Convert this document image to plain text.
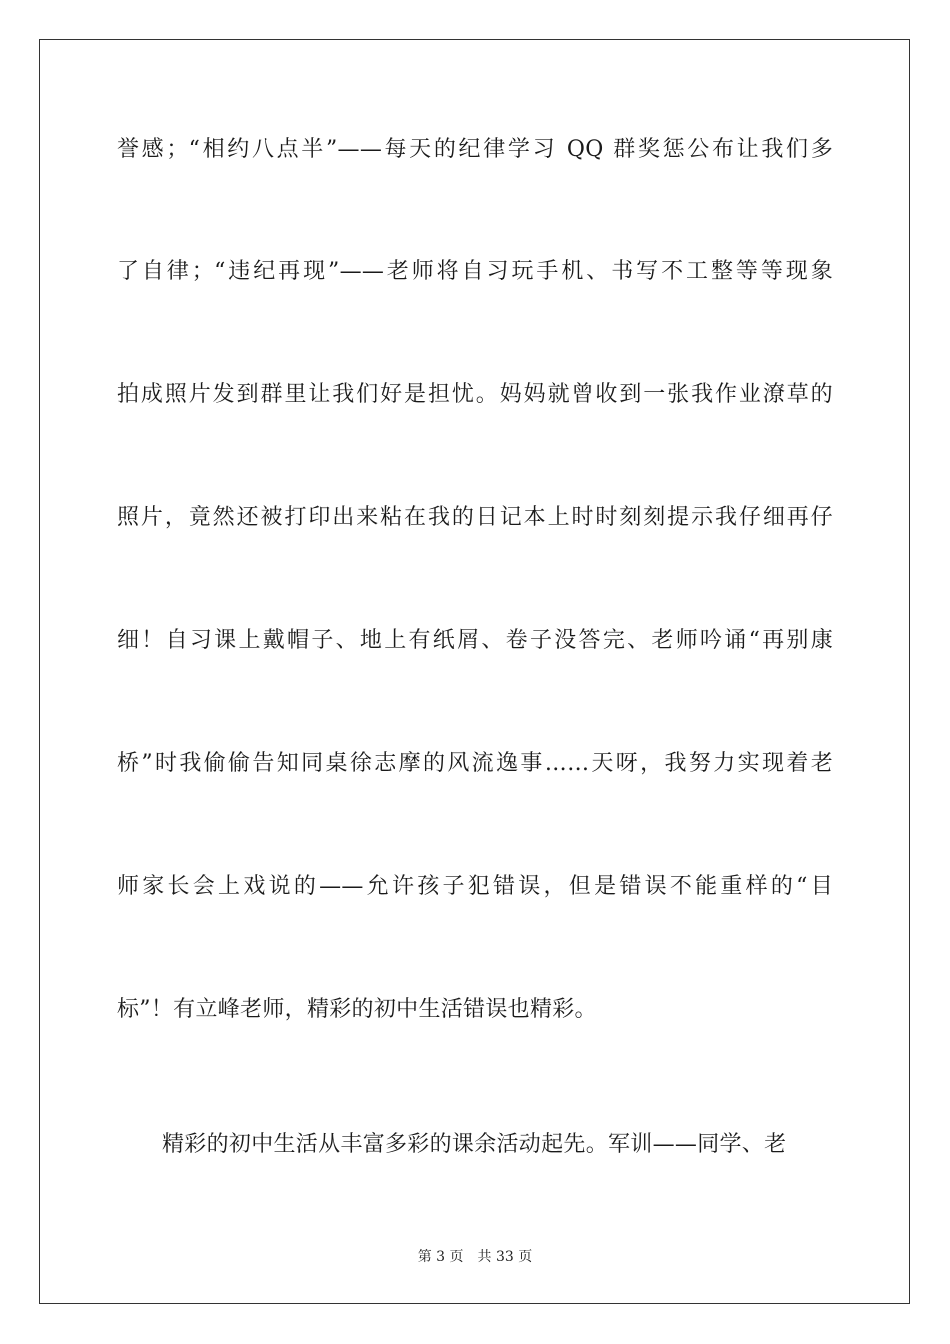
誉感；“相约八点半”——每天的纪律学习 QQ 群奖惩公布让我们多
了自律；“违纪再现”——老师将自习玩手机、书写不工整等等现象
拍成照片发到群里让我们好是担忧。妈妈就曾收到一张我作业潦草的
照片，竟然还被打印出来粘在我的日记本上时时刻刻提示我仔细再仔
细！自习课上戴帽子、地上有纸屑、卷子没答完、老师吟诵“再别康
桥”时我偷偷告知同桌徐志摩的风流逸事……天呀，我努力实现着老
师家长会上戏说的——允许孩子犯错误，但是错误不能重样的“目
标”！有立峰老师，精彩的初中生活错误也精彩。
精彩的初中生活从丰富多彩的课余活动起先。军训——同学、老
第 3 页　共 33 页
